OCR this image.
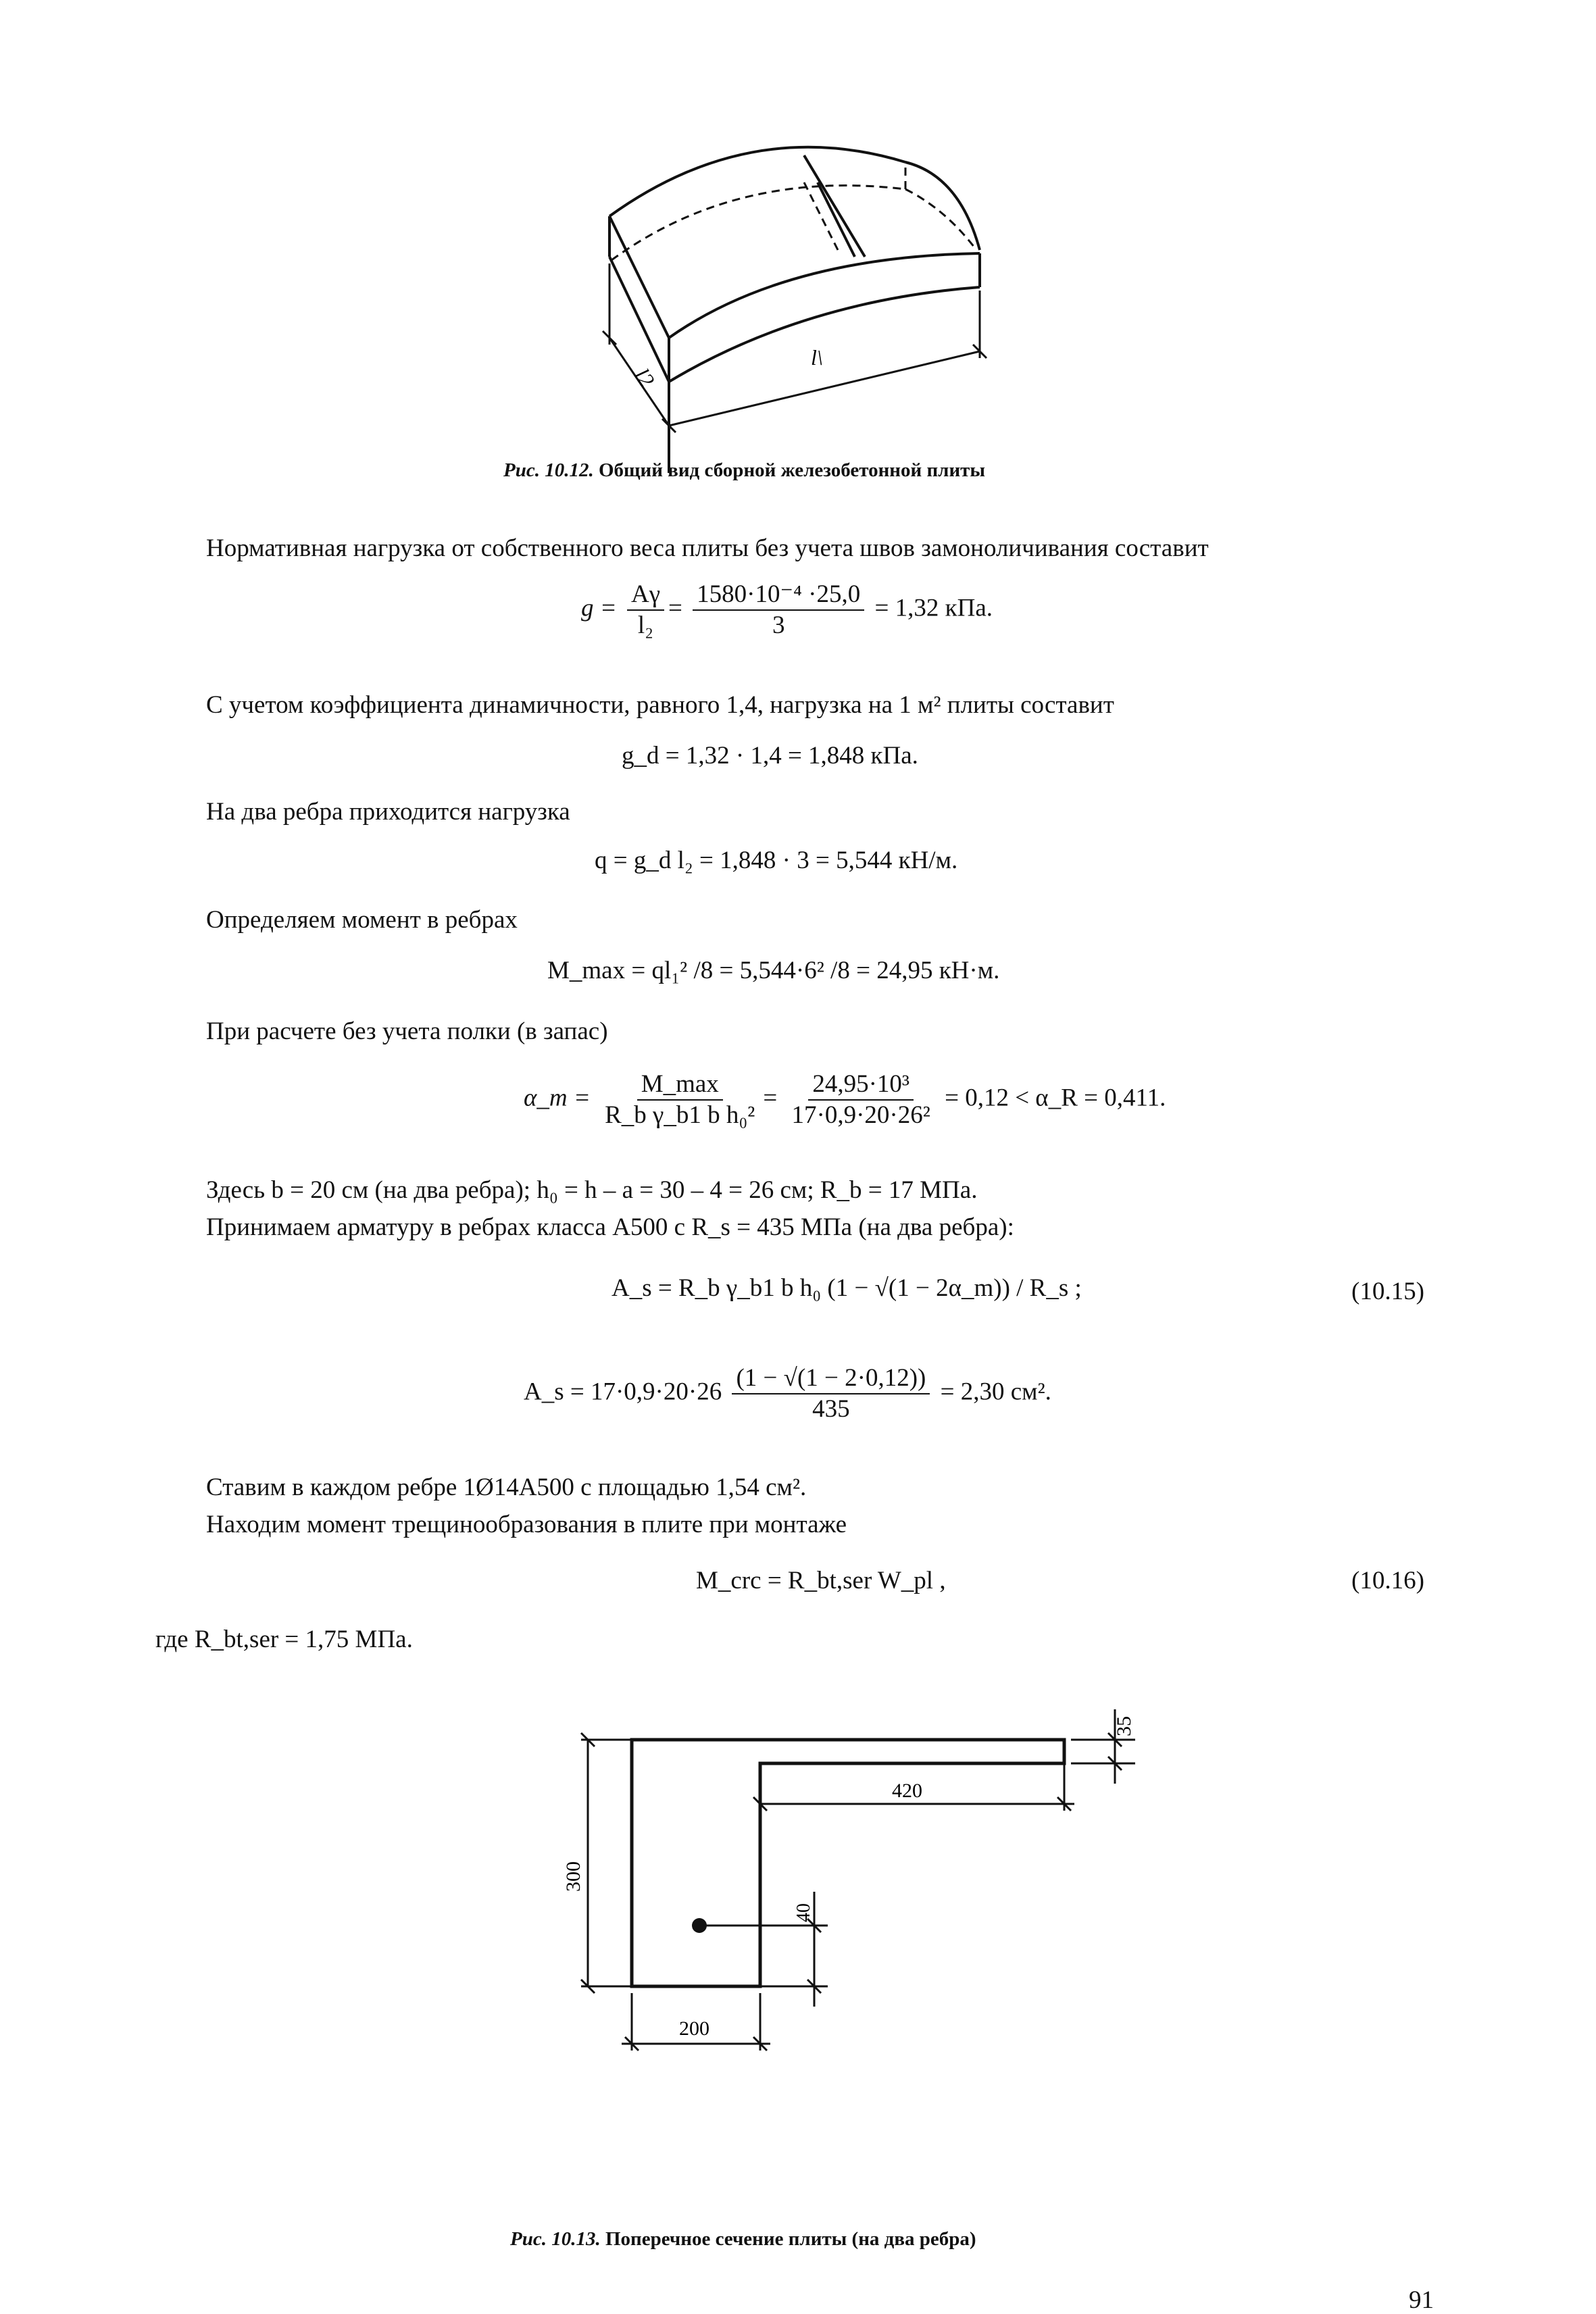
l2
l\
Рис. 10.12. Общий вид сборной железобетонной плиты
Нормативная нагрузка от собственного веса плиты без учета швов замоноличивания составит
$g = \frac{A\gamma}{\text{l₂}} = \frac{\text{1580·10⁻⁴ ·25,0}}{3} = 1,32$ кПа.
С учетом коэффициента динамичности, равного 1,4, нагрузка на 1 м² плиты составит
g_d = 1,32 · 1,4 = 1,848 кПа.
На два ребра приходится нагрузка
q = g_d l₂ = 1,848 · 3 = 5,544 кН/м.
Определяем момент в ребрах
M_max = ql₁² /8 = 5,544·6² /8 = 24,95 кН·м.
При расчете без учета полки (в запас)
α_m = $\frac{M\_\max}{\text{R\_b γ\_b1 b h₀²}} = \frac{\text{24,95·10³}}{\text{17·0,9·20·26²}} = 0,12$ < α_R = 0,411.
Здесь b = 20 см (на два ребра); h₀ = h – a = 30 – 4 = 26 см; R_b = 17 МПа.
Принимаем арматуру в ребрах класса А500 с R_s = 435 МПа (на два ребра):
A_s = R_b γ_b1 b h₀ (1 − √(1 − 2α_m)) / R_s ;	(10.15)
A_s = $17\cdot 0,9\cdot 20\cdot 26 \frac{(1 - √(1 - 2\cdot 0,12))}{435} = 2,30$ см².
Ставим в каждом ребре 1Ø14А500 с площадью 1,54 см².
Находим момент трещинообразования в плите при монтаже
M_crc = R_bt,ser W_pl ,	(10.16)
где R_bt,ser = 1,75 МПа.
35
420
300
40
200
Рис. 10.13. Поперечное сечение плиты (на два ребра)
91
